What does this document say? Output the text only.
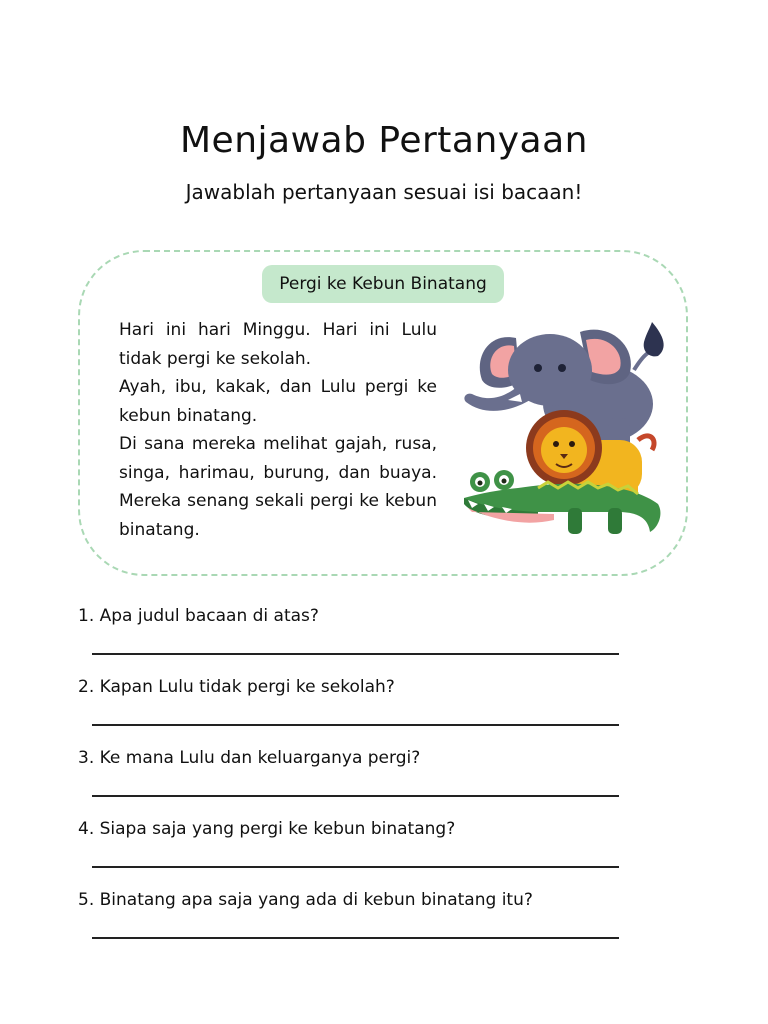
Menjawab Pertanyaan
Jawablah pertanyaan sesuai isi bacaan!
Pergi ke Kebun Binatang

Hari ini hari Minggu. Hari ini Lulu tidak pergi ke sekolah.

Ayah, ibu, kakak, dan Lulu pergi ke kebun binatang.

Di sana mereka melihat gajah, rusa, singa, harimau, burung, dan buaya. Mereka senang sekali pergi ke kebun binatang.

1. Apa judul bacaan di atas?
2. Kapan Lulu tidak pergi ke sekolah?
3. Ke mana Lulu dan keluarganya pergi?
4. Siapa saja yang pergi ke kebun binatang?
5. Binatang apa saja yang ada di kebun binatang itu?
